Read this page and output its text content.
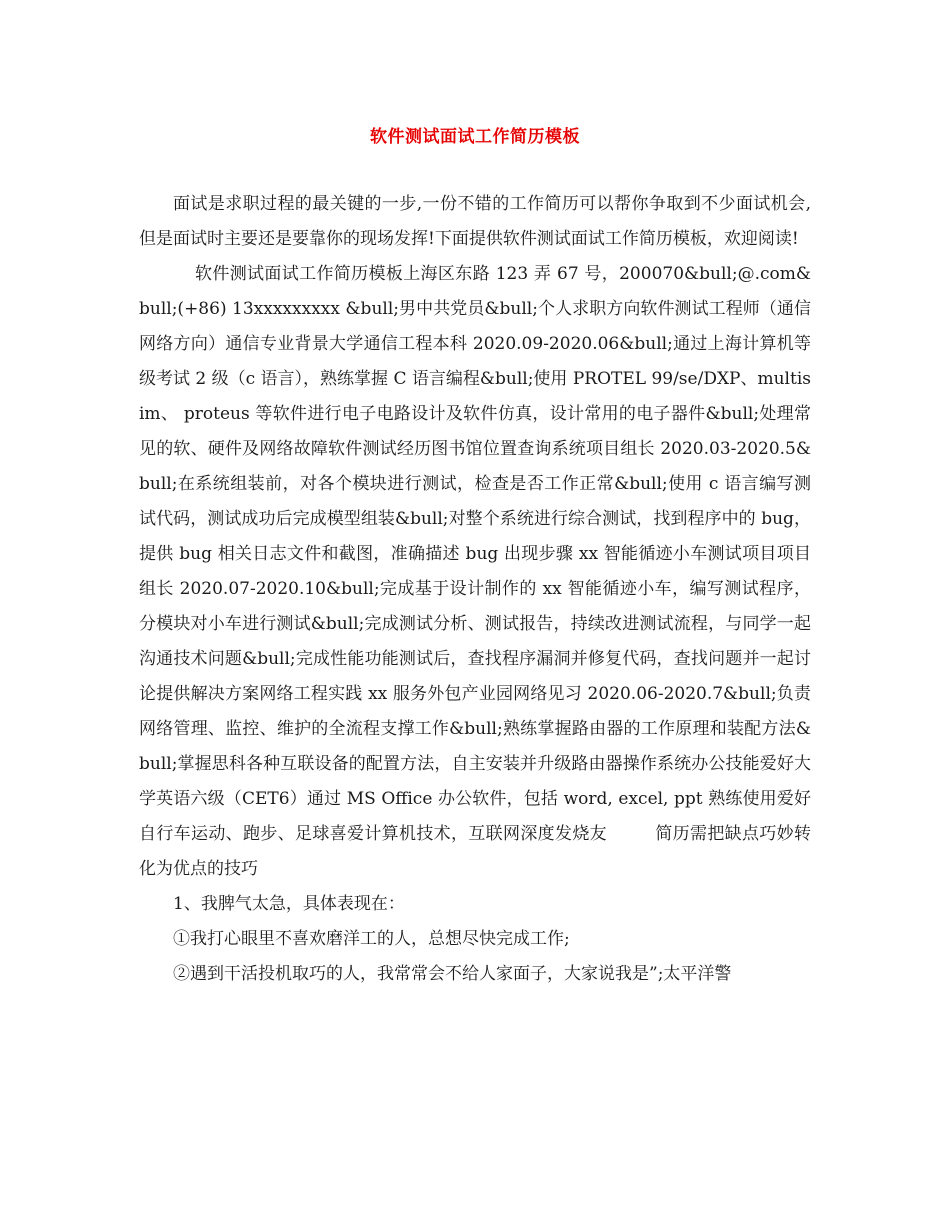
软件测试面试工作简历模板

面试是求职过程的最关键的一步,一份不错的工作简历可以帮你争取到不少面试机会,但是面试时主要还是要靠你的现场发挥!下面提供软件测试面试工作简历模板，欢迎阅读!

软件测试面试工作简历模板上海区东路 123 弄 67 号，200070&bull;@.com&bull;(+86) 13xxxxxxxxx &bull;男中共党员&bull;个人求职方向软件测试工程师（通信网络方向）通信专业背景大学通信工程本科 2020.09-2020.06&bull;通过上海计算机等级考试 2 级（c 语言），熟练掌握 C 语言编程&bull;使用 PROTEL 99/se/DXP、multisim、 proteus 等软件进行电子电路设计及软件仿真，设计常用的电子器件&bull;处理常见的软、硬件及网络故障软件测试经历图书馆位置查询系统项目组长 2020.03-2020.5&bull;在系统组装前，对各个模块进行测试，检查是否工作正常&bull;使用 c 语言编写测试代码，测试成功后完成模型组装&bull;对整个系统进行综合测试，找到程序中的 bug，提供 bug 相关日志文件和截图，准确描述 bug 出现步骤 xx 智能循迹小车测试项目项目组长 2020.07-2020.10&bull;完成基于设计制作的 xx 智能循迹小车，编写测试程序，分模块对小车进行测试&bull;完成测试分析、测试报告，持续改进测试流程，与同学一起沟通技术问题&bull;完成性能功能测试后，查找程序漏洞并修复代码，查找问题并一起讨论提供解决方案网络工程实践 xx 服务外包产业园网络见习 2020.06-2020.7&bull;负责网络管理、监控、维护的全流程支撑工作&bull;熟练掌握路由器的工作原理和装配方法&bull;掌握思科各种互联设备的配置方法，自主安装并升级路由器操作系统办公技能爱好大学英语六级（CET6）通过 MS Office 办公软件，包括 word, excel, ppt 熟练使用爱好自行车运动、跑步、足球喜爱计算机技术，互联网深度发烧友	简历需把缺点巧妙转化为优点的技巧

1、我脾气太急，具体表现在：

①我打心眼里不喜欢磨洋工的人，总想尽快完成工作;

②遇到干活投机取巧的人，我常常会不给人家面子，大家说我是”;太平洋警
